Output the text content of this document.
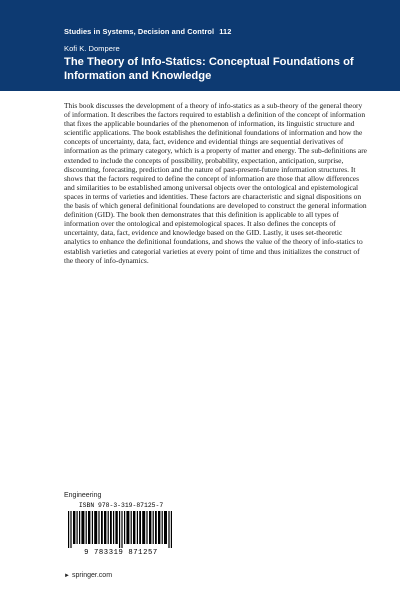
Studies in Systems, Decision and Control 112
Kofi K. Dompere
The Theory of Info-Statics: Conceptual Foundations of Information and Knowledge

This book discusses the development of a theory of info-statics as a sub-theory of the general theory of information. It describes the factors required to establish a definition of the concept of information that fixes the applicable boundaries of the phenomenon of information, its linguistic structure and scientific applications. The book establishes the definitional foundations of information and how the concepts of uncertainty, data, fact, evidence and evidential things are sequential derivatives of information as the primary category, which is a property of matter and energy. The sub-definitions are extended to include the concepts of possibility, probability, expectation, anticipation, surprise, discounting, forecasting, prediction and the nature of past-present-future information structures. It shows that the factors required to define the concept of information are those that allow differences and similarities to be established among universal objects over the ontological and epistemological spaces in terms of varieties and identities. These factors are characteristic and signal dispositions on the basis of which general definitional foundations are developed to construct the general information definition (GID). The book then demonstrates that this definition is applicable to all types of information over the ontological and epistemological spaces. It also defines the concepts of uncertainty, data, fact, evidence and knowledge based on the GID. Lastly, it uses set-theoretic analytics to enhance the definitional foundations, and shows the value of the theory of info-statics to establish varieties and categorial varieties at every point of time and thus initializes the construct of the theory of info-dynamics.

Engineering
ISBN 978-3-319-87125-7
9 783319 871257
► springer.com
